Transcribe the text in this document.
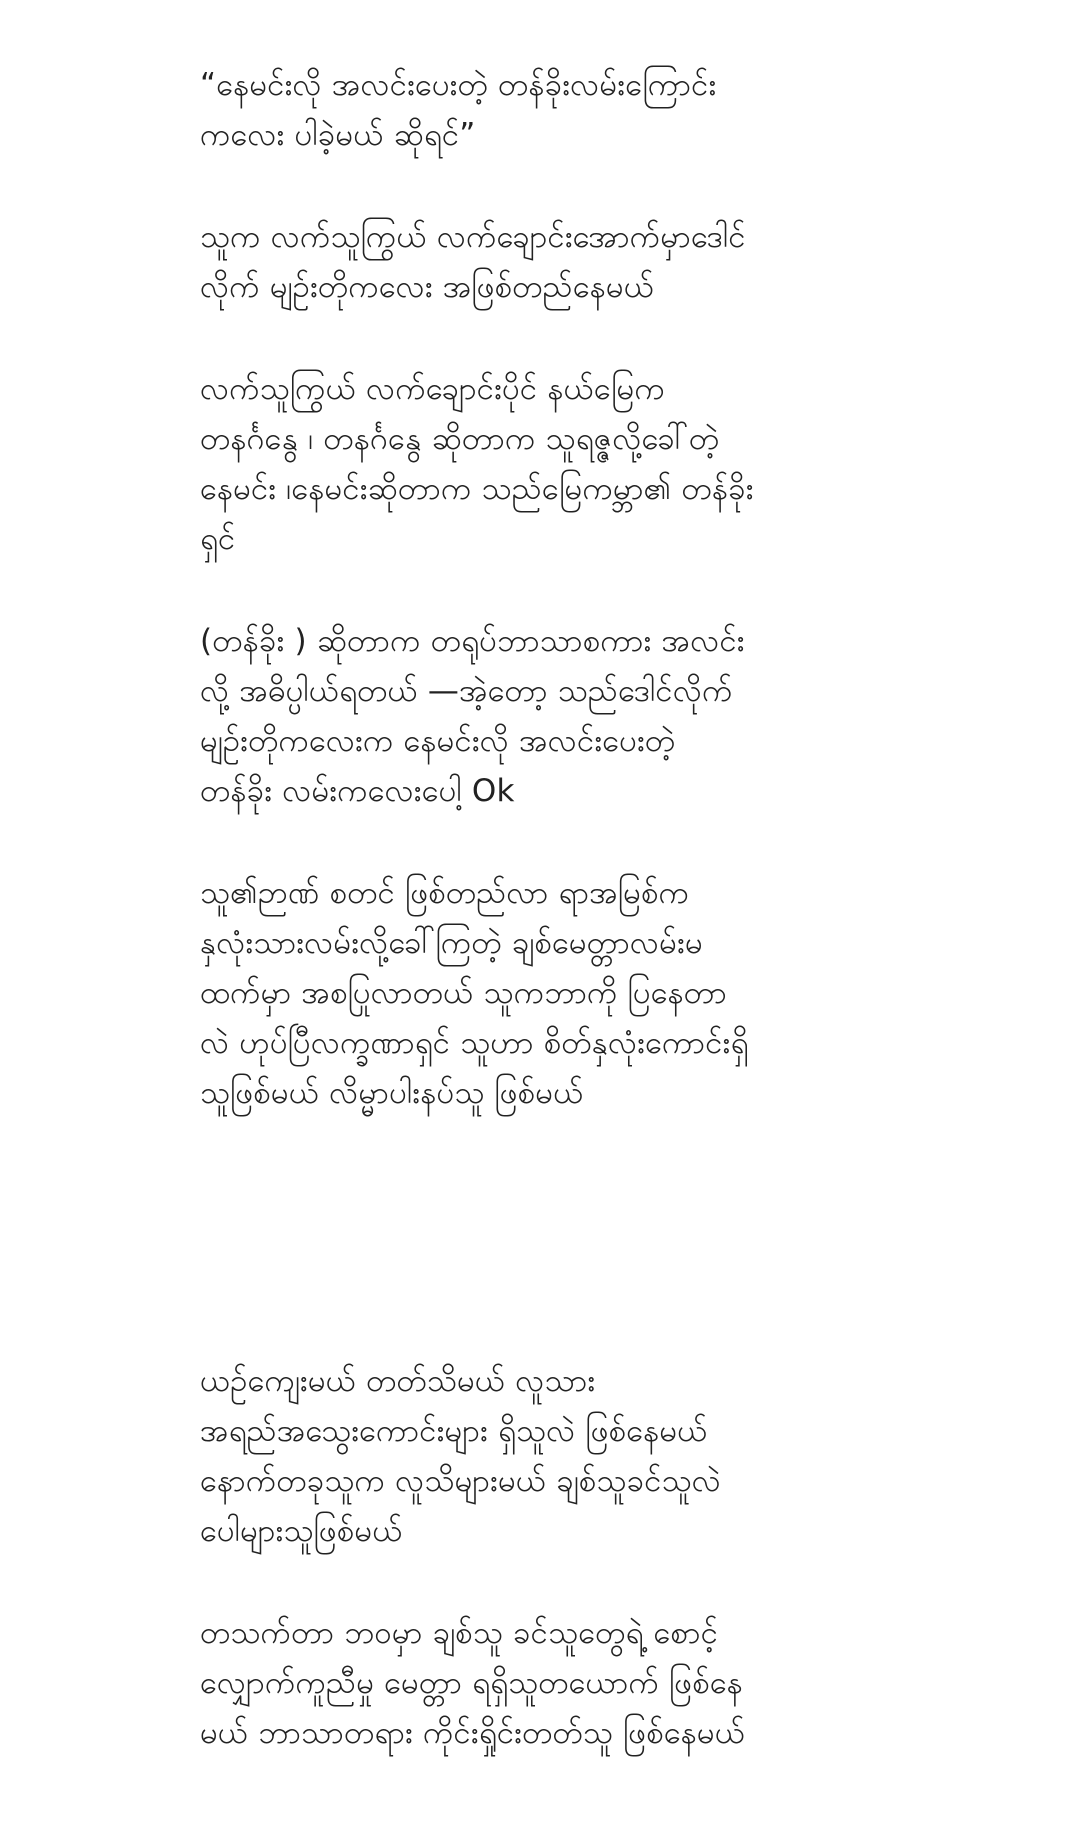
“နေမင်းလို အလင်းပေးတဲ့ တန်ခိုးလမ်းကြောင်း
ကလေး ပါခဲ့မယ် ဆိုရင်”

သူက လက်သူကြွယ် လက်ချောင်းအောက်မှာဒေါင်
လိုက် မျဉ်းတိုကလေး အဖြစ်တည်နေမယ်

လက်သူကြွယ် လက်ချောင်းပိုင် နယ်မြေက
တနင်္ဂနွေ ၊ တနင်္ဂနွေ ဆိုတာက သူရဇ္ဇလို့ခေါ်တဲ့
နေမင်း ၊နေမင်းဆိုတာက သည်မြေကမ္ဘာ၏ တန်ခိုး
ရှင်

(တန်ခိုး ) ဆိုတာက တရုပ်ဘာသာစကား အလင်း
လို့ အဓိပ္ပါယ်ရတယ် —အဲ့တော့ သည်ဒေါင်လိုက်
မျဉ်းတိုကလေးက နေမင်းလို အလင်းပေးတဲ့
တန်ခိုး လမ်းကလေးပေါ့ Ok

သူ၏ဉာဏ် စတင် ဖြစ်တည်လာ ရာအမြစ်က
နှလုံးသားလမ်းလို့ခေါ်ကြတဲ့ ချစ်မေတ္တာလမ်းမ
ထက်မှာ အစပြုလာတယ် သူကဘာကို ပြနေတာ
လဲ ဟုပ်ပြီလက္ခဏာရှင် သူဟာ စိတ်နှလုံးကောင်းရှိ
သူဖြစ်မယ် လိမ္မာပါးနပ်သူ ဖြစ်မယ်

ယဉ်ကျေးမယ် တတ်သိမယ် လူသား
အရည်အသွေးကောင်းများ ရှိသူလဲ ဖြစ်နေမယ်
နောက်တခုသူက လူသိများမယ် ချစ်သူခင်သူလဲ
ပေါများသူဖြစ်မယ်

တသက်တာ ဘဝမှာ ချစ်သူ ခင်သူတွေရဲ့ စောင့်
လျှောက်ကူညီမှု မေတ္တာ ရရှိသူတယောက် ဖြစ်နေ
မယ် ဘာသာတရား ကိုင်းရှိုင်းတတ်သူ ဖြစ်နေမယ်
